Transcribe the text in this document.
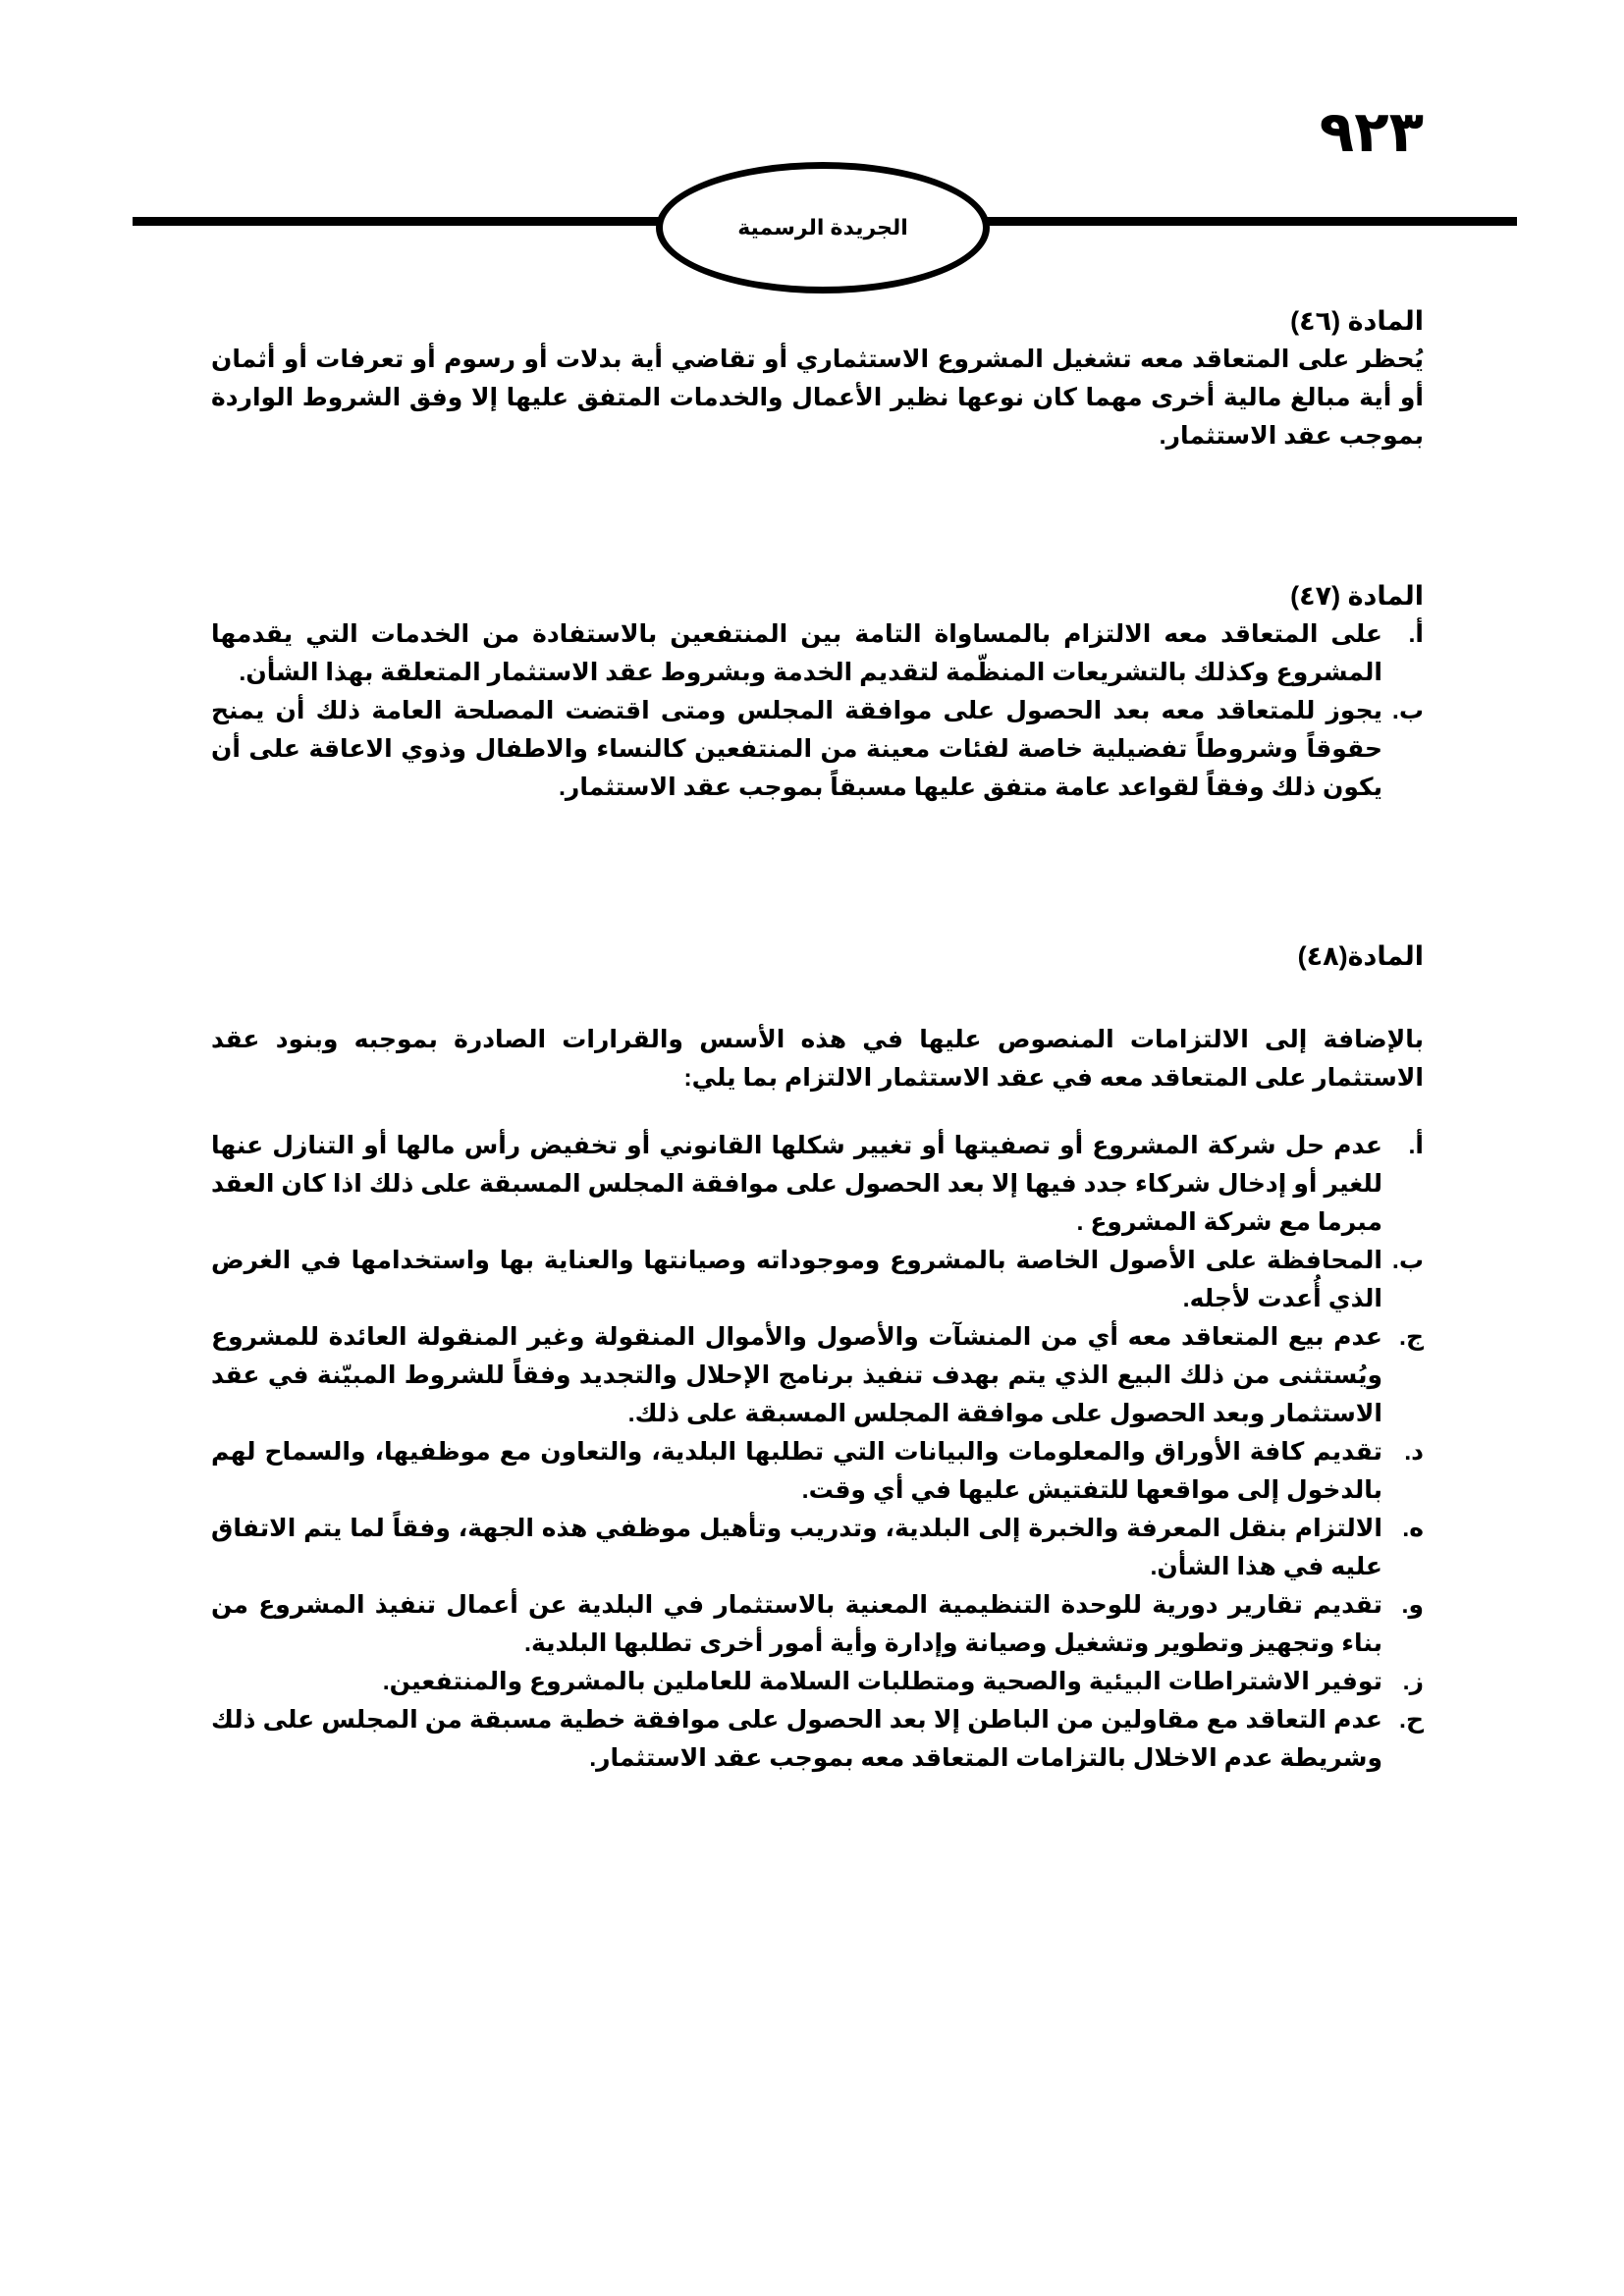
٩٢٣
الجريدة الرسمية
المادة (٤٦)
يُحظر على المتعاقد معه تشغيل المشروع الاستثماري أو تقاضي أية بدلات أو رسوم أو تعرفات أو أثمان أو أية مبالغ مالية أخرى مهما كان نوعها نظير الأعمال والخدمات المتفق عليها إلا وفق الشروط الواردة بموجب عقد الاستثمار.
المادة (٤٧)
أ.
على المتعاقد معه الالتزام بالمساواة التامة بين المنتفعين بالاستفادة من الخدمات التي يقدمها المشروع وكذلك بالتشريعات المنظّمة لتقديم الخدمة وبشروط عقد الاستثمار المتعلقة بهذا الشأن.
ب.
يجوز للمتعاقد معه بعد الحصول على موافقة المجلس ومتى اقتضت المصلحة العامة ذلك أن يمنح حقوقاً وشروطاً تفضيلية خاصة لفئات معينة من المنتفعين كالنساء والاطفال وذوي الاعاقة على أن يكون ذلك وفقاً لقواعد عامة متفق عليها مسبقاً بموجب عقد الاستثمار.
المادة(٤٨)
بالإضافة إلى الالتزامات المنصوص عليها في هذه الأسس والقرارات الصادرة بموجبه وبنود عقد الاستثمار على المتعاقد معه في عقد الاستثمار الالتزام بما يلي:
أ.
عدم حل شركة المشروع أو تصفيتها أو تغيير شكلها القانوني أو تخفيض رأس مالها أو التنازل عنها للغير أو إدخال شركاء جدد فيها إلا بعد الحصول على موافقة المجلس المسبقة على ذلك اذا كان العقد مبرما مع شركة المشروع .
ب.
المحافظة على الأصول الخاصة بالمشروع وموجوداته وصيانتها والعناية بها واستخدامها في الغرض الذي أُعدت لأجله.
ج.
عدم بيع المتعاقد معه أي من المنشآت والأصول والأموال المنقولة وغير المنقولة العائدة للمشروع ويُستثنى من ذلك البيع الذي يتم بهدف تنفيذ برنامج الإحلال والتجديد وفقاً للشروط المبيّنة في عقد الاستثمار وبعد الحصول على موافقة المجلس المسبقة على ذلك.
د.
تقديم كافة الأوراق والمعلومات والبيانات التي تطلبها البلدية، والتعاون مع موظفيها، والسماح لهم بالدخول إلى مواقعها للتفتيش عليها في أي وقت.
ه.
الالتزام بنقل المعرفة والخبرة إلى البلدية، وتدريب وتأهيل موظفي هذه الجهة، وفقاً لما يتم الاتفاق عليه في هذا الشأن.
و.
تقديم تقارير دورية للوحدة التنظيمية المعنية بالاستثمار في البلدية عن أعمال تنفيذ المشروع من بناء وتجهيز وتطوير وتشغيل وصيانة وإدارة وأية أمور أخرى تطلبها البلدية.
ز.
توفير الاشتراطات البيئية والصحية ومتطلبات السلامة للعاملين بالمشروع والمنتفعين.
ح.
عدم التعاقد مع مقاولين من الباطن إلا بعد الحصول على موافقة خطية مسبقة من المجلس على ذلك وشريطة عدم الاخلال بالتزامات المتعاقد معه بموجب عقد الاستثمار.
